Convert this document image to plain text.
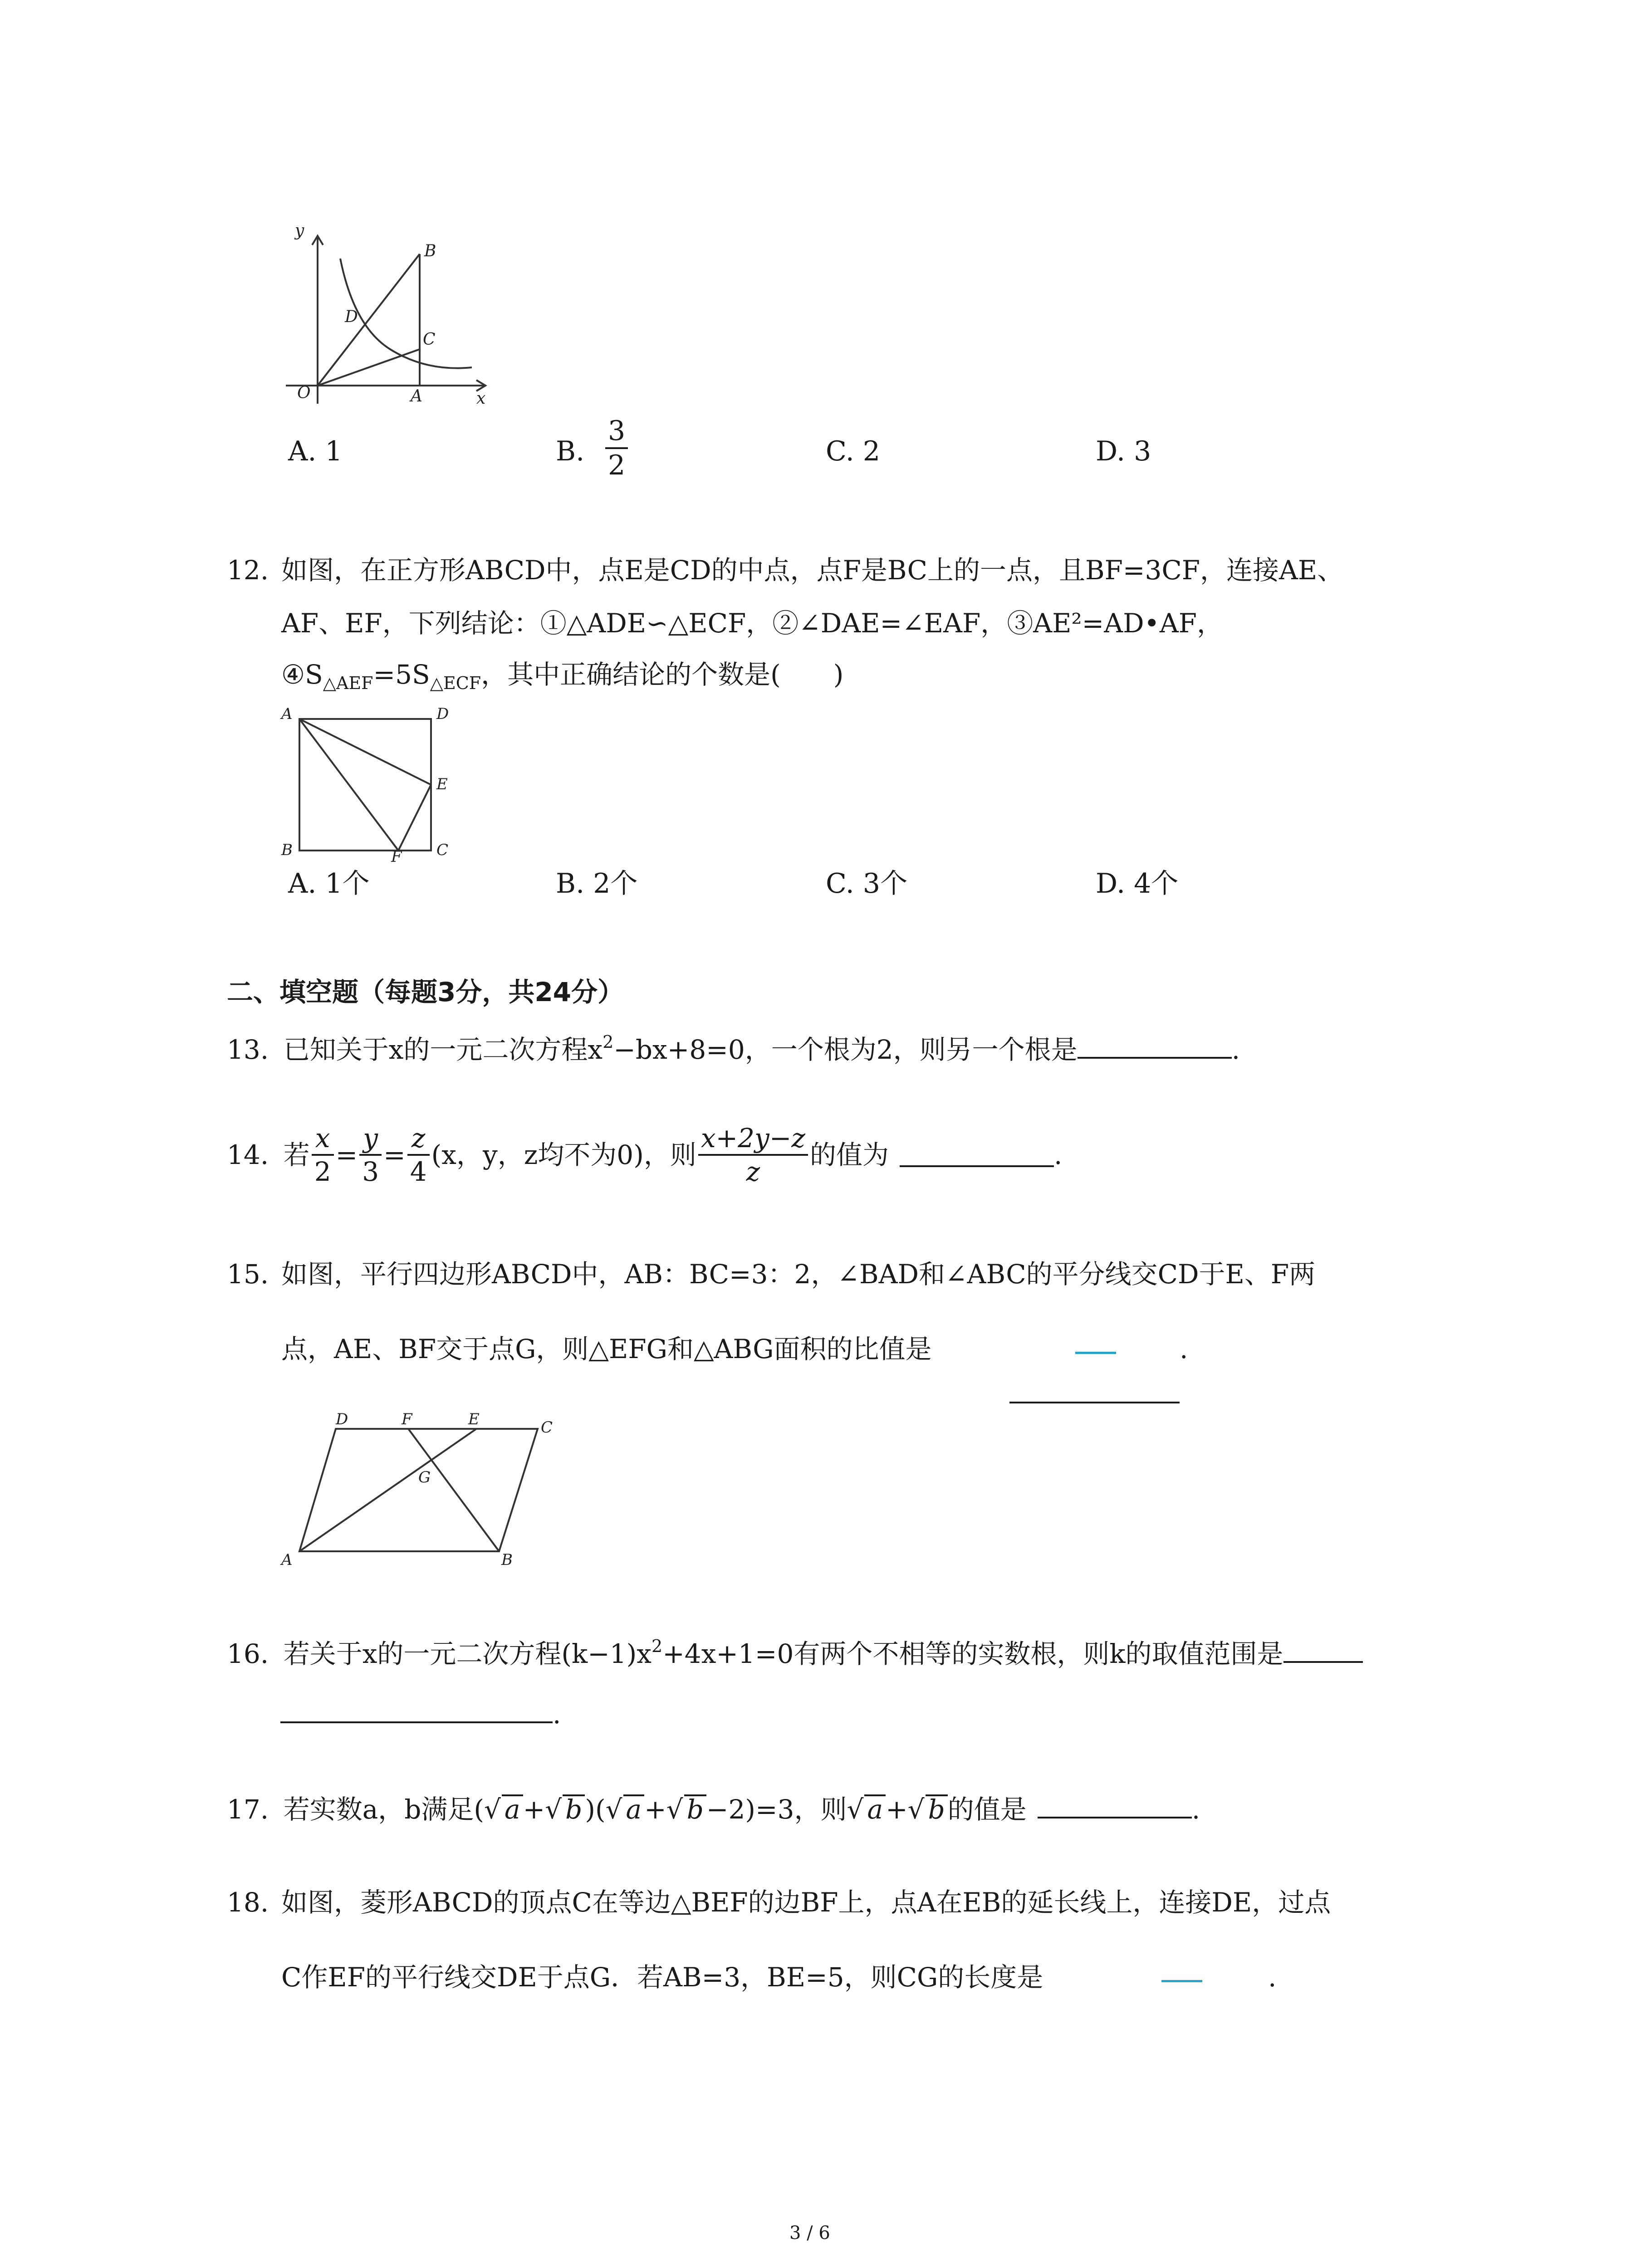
y
x
O	A
B
C
D
A. 1	B. $\frac{3}{2}$	C. 2	D. 3
12. 如图，在正方形ABCD中，点E是CD的中点，点F是BC上的一点，且BF=3CF，连接AE、
AF、EF，下列结论：①△ADE∽△ECF，②∠DAE=∠EAF，③AE²=AD•AF，
$④S_{\triangle AEF}=5S_{\triangle ECF}$，其中正确结论的个数是(　　)
A	D
E
B	F C
A. 1个	B. 2个	C. 3个	D. 4个
二、填空题（每题3分，共24分）
13. 已知关于x的一元二次方程$x^2-bx+8=0$，一个根为2，则另一个根是	.
14. 若 $\frac{x}{2} = \frac{y}{3} = \frac{z}{4} (x$，y，z均不为0)，则 $\frac{x+2y-z}{z}$ 的值为	.
15. 如图，平行四边形ABCD中，AB：BC=3：2，∠BAD和∠ABC的平分线交CD于E、F两
点，AE、BF交于点G，则△EFG和△ABG面积的比值是	.
D	F	E	C
G
A	B
16. 若关于x的一元二次方程$(k-1)x^2+4x+1=0$有两个不相等的实数根，则k的取值范围是
.
17. 若实数a，b满足(√ a +√ b )(√ a +√ b −2)=3，则√ a +√ b 的值是	.
18. 如图，菱形ABCD的顶点C在等边△BEF的边BF上，点A在EB的延长线上，连接DE，过点
C作EF的平行线交DE于点G．若AB=3，BE=5，则CG的长度是	.
3 / 6
